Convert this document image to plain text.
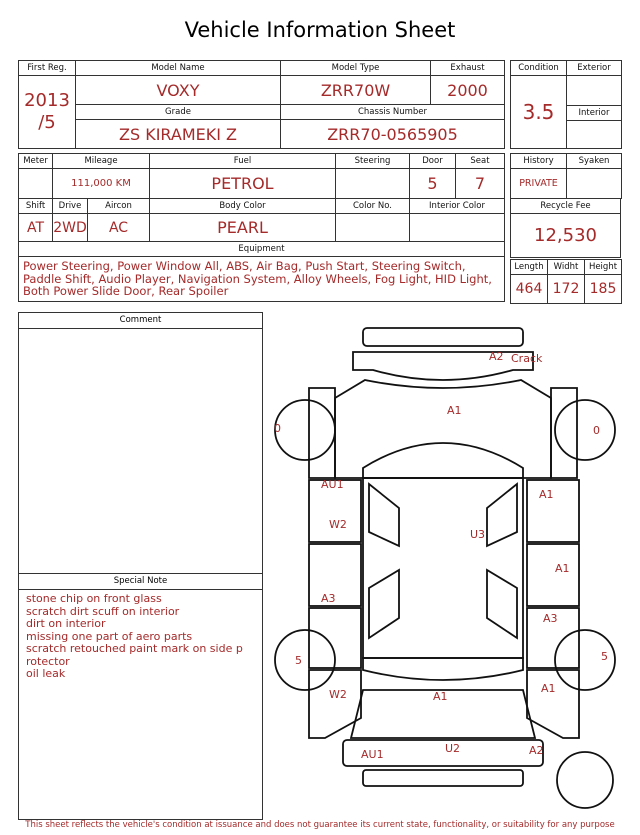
Vehicle Information Sheet
First Reg.	Model Name	Model Type	Exhaust

2013
/5	VOXY	ZRR70W	2000
	Grade	Chassis Number	
	ZS KIRAMEKI Z	ZRR70-0565905	
Condition	Exterior
3.5	
	Interior

Meter	Mileage		Fuel	Steering	Door	Seat
	111,000 KM		PETROL		5	7
Shift	Drive	Aircon	Body Color	Color No.	Interior Color	
AT	2WD	AC	PEARL			
Equipment						
Power Steering, Power Window All, ABS, Air Bag, Push Start, Steering Switch, Paddle Shift, Audio Player, Navigation System, Alloy Wheels, Fog Light, HID Light, Both Power Slide Door, Rear Spoiler						
History	Syaken
PRIVATE	
Recycle Fee
12,530
Length	Widht	Height
464	172	185
Comment
Special Note
stone chip on front glass
scratch dirt scuff on interior
dirt on interior
missing one part of aero parts
scratch retouched paint mark on side p
rotector
oil leak
A2 Crack
A1
0	0
AU1
W2
A1
U3
A1
A3
A3
5	5
W2	A1
A1
AU1	U2	A2
This sheet reflects the vehicle's condition at issuance and does not guarantee its current state, functionality, or suitability for any purpose
